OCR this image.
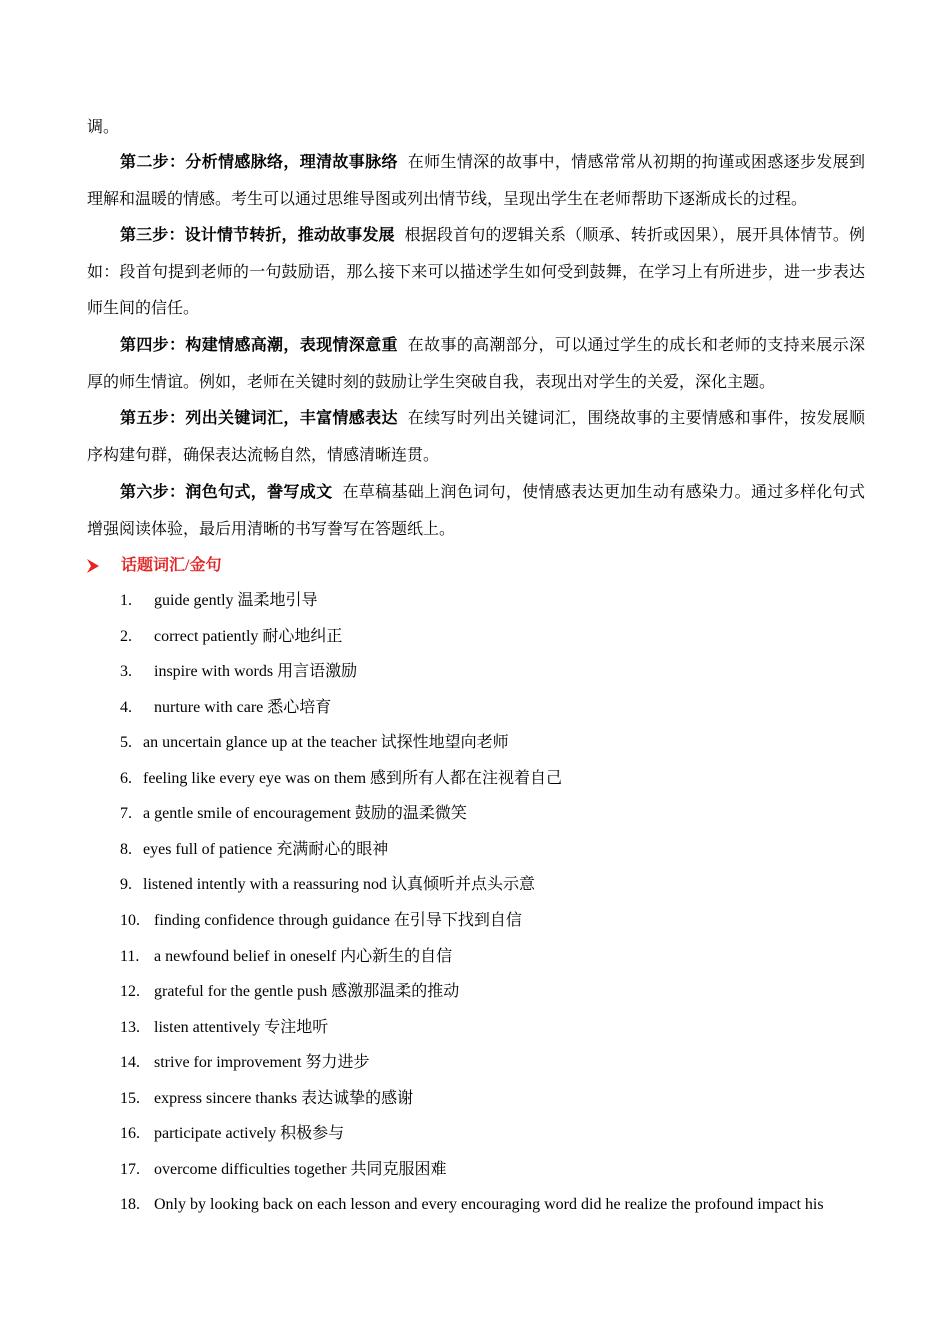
调。

第二步：分析情感脉络，理清故事脉络 在师生情深的故事中，情感常常从初期的拘谨或困惑逐步发展到理解和温暖的情感。考生可以通过思维导图或列出情节线，呈现出学生在老师帮助下逐渐成长的过程。

第三步：设计情节转折，推动故事发展 根据段首句的逻辑关系（顺承、转折或因果），展开具体情节。例如：段首句提到老师的一句鼓励语，那么接下来可以描述学生如何受到鼓舞，在学习上有所进步，进一步表达师生间的信任。

第四步：构建情感高潮，表现情深意重 在故事的高潮部分，可以通过学生的成长和老师的支持来展示深厚的师生情谊。例如，老师在关键时刻的鼓励让学生突破自我，表现出对学生的关爱，深化主题。

第五步：列出关键词汇，丰富情感表达 在续写时列出关键词汇，围绕故事的主要情感和事件，按发展顺序构建句群，确保表达流畅自然，情感清晰连贯。

第六步：润色句式，誊写成文 在草稿基础上润色词句，使情感表达更加生动有感染力。通过多样化句式增强阅读体验，最后用清晰的书写誊写在答题纸上。

话题词汇/金句
1.	guide gently 温柔地引导
2.	correct patiently 耐心地纠正
3.	inspire with words 用言语激励
4.	nurture with care 悉心培育
5. an uncertain glance up at the teacher 试探性地望向老师
6. feeling like every eye was on them 感到所有人都在注视着自己
7. a gentle smile of encouragement 鼓励的温柔微笑
8. eyes full of patience 充满耐心的眼神
9. listened intently with a reassuring nod 认真倾听并点头示意
10. finding confidence through guidance 在引导下找到自信
11. a newfound belief in oneself 内心新生的自信
12. grateful for the gentle push 感激那温柔的推动
13. listen attentively 专注地听
14. strive for improvement 努力进步
15. express sincere thanks 表达诚挚的感谢
16. participate actively 积极参与
17. overcome difficulties together 共同克服困难
18. Only by looking back on each lesson and every encouraging word did he realize the profound impact his
